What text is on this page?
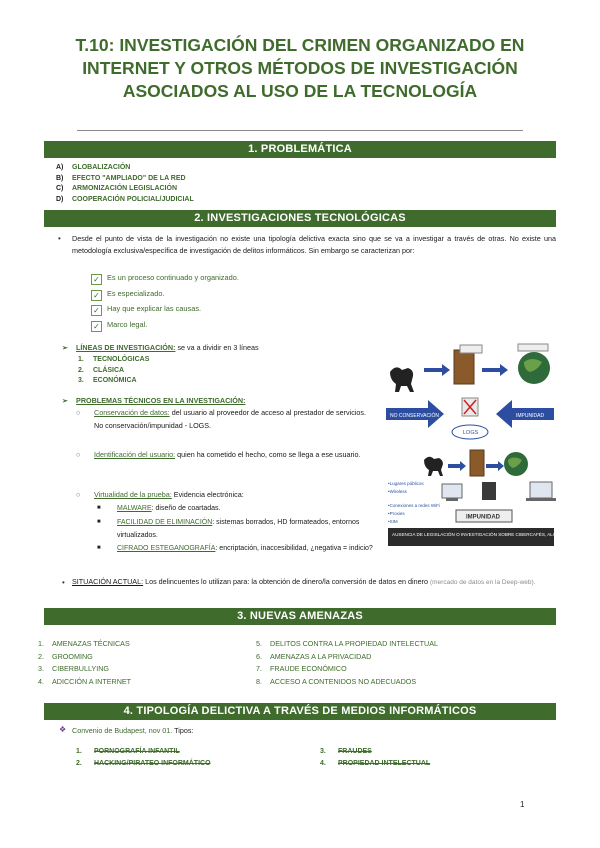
T.10: INVESTIGACIÓN DEL CRIMEN ORGANIZADO EN INTERNET Y OTROS MÉTODOS DE INVESTIGACIÓN ASOCIADOS AL USO DE LA TECNOLOGÍA
1. PROBLEMÁTICA
A) GLOBALIZACIÓN
B) EFECTO "AMPLIADO" DE LA RED
C) ARMONIZACIÓN LEGISLACIÓN
D) COOPERACIÓN POLICIAL/JUDICIAL
2. INVESTIGACIONES TECNOLÓGICAS
• Desde el punto de vista de la investigación no existe una tipología delictiva exacta sino que se va a investigar a través de otras. No existe una metodología exclusiva/específica de investigación de delitos informáticos. Sin embargo se caracterizan por:
✓ Es un proceso continuado y organizado.
✓ Es especializado.
✓ Hay que explicar las causas.
✓ Marco legal.
➢ LÍNEAS DE INVESTIGACIÓN: se va a dividir en 3 líneas
1. TECNOLÓGICAS
2. CLÁSICA
3. ECONÓMICA
➢ PROBLEMAS TÉCNICOS EN LA INVESTIGACIÓN:
○ Conservación de datos: del usuario al proveedor de acceso al prestador de servicios. No conservación/impunidad - LOGS.
○ Identificación del usuario: quien ha cometido el hecho, como se llega a ese usuario.
○ Virtualidad de la prueba: Evidencia electrónica:
■ MALWARE: diseño de coartadas.
■ FACILIDAD DE ELIMINACIÓN: sistemas borrados, HD formateados, entornos virtualizados.
■ CIFRADO ESTEGANOGRAFÍA: encriptación, inaccesibilidad, ¿negativa = indicio?
• SITUACIÓN ACTUAL: Los delincuentes lo utilizan para: la obtención de dinero/la conversión de datos en dinero (mercado de datos en la Deep-web).
NO CONSERVACIÓN	IMPUNIDAD
LOGS
•Lugares públicos
•Wireless
•Conexiones a redes WiFi
•Proxies
•SIM
IMPUNIDAD
AUSENCIA DE LEGISLACIÓN O INVESTIGACIÓN SOBRE CIBERCAFÉS, ALOJAMIENTO, ...
3. NUEVAS AMENAZAS
1. AMENAZAS TÉCNICAS
2. GROOMING
3. CIBERBULLYING
4. ADICCIÓN A INTERNET
5. DELITOS CONTRA LA PROPIEDAD INTELECTUAL
6. AMENAZAS A LA PRIVACIDAD
7. FRAUDE ECONÓMICO
8. ACCESO A CONTENIDOS NO ADECUADOS
4. TIPOLOGÍA DELICTIVA A TRAVÉS DE MEDIOS INFORMÁTICOS
❖ Convenio de Budapest, nov 01. Tipos:
1. PORNOGRAFÍA INFANTIL
2. HACKING/PIRATEO INFORMÁTICO
3. FRAUDES
4. PROPIEDAD INTELECTUAL
1
